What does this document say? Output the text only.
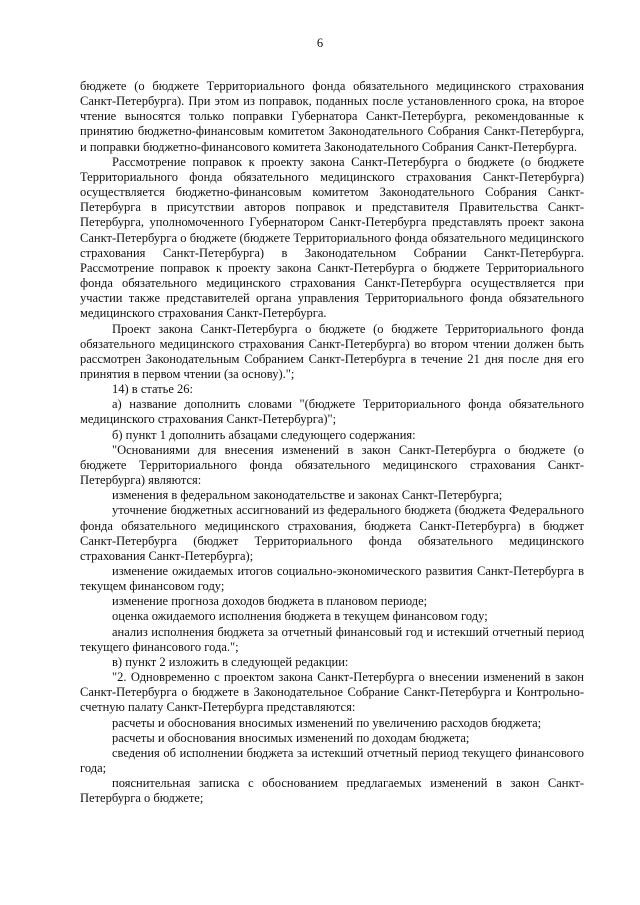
6

бюджете (о бюджете Территориального фонда обязательного медицинского страхования Санкт-Петербурга). При этом из поправок, поданных после установленного срока, на второе чтение выносятся только поправки Губернатора Санкт-Петербурга, рекомендованные к принятию бюджетно-финансовым комитетом Законодательного Собрания Санкт-Петербурга, и поправки бюджетно-финансового комитета Законодательного Собрания Санкт-Петербурга.

Рассмотрение поправок к проекту закона Санкт-Петербурга о бюджете (о бюджете Территориального фонда обязательного медицинского страхования Санкт-Петербурга) осуществляется бюджетно-финансовым комитетом Законодательного Собрания Санкт-Петербурга в присутствии авторов поправок и представителя Правительства Санкт-Петербурга, уполномоченного Губернатором Санкт-Петербурга представлять проект закона Санкт-Петербурга о бюджете (бюджете Территориального фонда обязательного медицинского страхования Санкт-Петербурга) в Законодательном Собрании Санкт-Петербурга. Рассмотрение поправок к проекту закона Санкт-Петербурга о бюджете Территориального фонда обязательного медицинского страхования Санкт-Петербурга осуществляется при участии также представителей органа управления Территориального фонда обязательного медицинского страхования Санкт-Петербурга.

Проект закона Санкт-Петербурга о бюджете (о бюджете Территориального фонда обязательного медицинского страхования Санкт-Петербурга) во втором чтении должен быть рассмотрен Законодательным Собранием Санкт-Петербурга в течение 21 дня после дня его принятия в первом чтении (за основу).";

14) в статье 26:

а) название дополнить словами "(бюджете Территориального фонда обязательного медицинского страхования Санкт-Петербурга)";

б) пункт 1 дополнить абзацами следующего содержания:

"Основаниями для внесения изменений в закон Санкт-Петербурга о бюджете (о бюджете Территориального фонда обязательного медицинского страхования Санкт-Петербурга) являются:

изменения в федеральном законодательстве и законах Санкт-Петербурга;

уточнение бюджетных ассигнований из федерального бюджета (бюджета Федерального фонда обязательного медицинского страхования, бюджета Санкт-Петербурга) в бюджет Санкт-Петербурга (бюджет Территориального фонда обязательного медицинского страхования Санкт-Петербурга);

изменение ожидаемых итогов социально-экономического развития Санкт-Петербурга в текущем финансовом году;

изменение прогноза доходов бюджета в плановом периоде;

оценка ожидаемого исполнения бюджета в текущем финансовом году;

анализ исполнения бюджета за отчетный финансовый год и истекший отчетный период текущего финансового года.";

в) пункт 2 изложить в следующей редакции:

"2. Одновременно с проектом закона Санкт-Петербурга о внесении изменений в закон Санкт-Петербурга о бюджете в Законодательное Собрание Санкт-Петербурга и Контрольно-счетную палату Санкт-Петербурга представляются:

расчеты и обоснования вносимых изменений по увеличению расходов бюджета;

расчеты и обоснования вносимых изменений по доходам бюджета;

сведения об исполнении бюджета за истекший отчетный период текущего финансового года;

пояснительная записка с обоснованием предлагаемых изменений в закон Санкт-Петербурга о бюджете;
